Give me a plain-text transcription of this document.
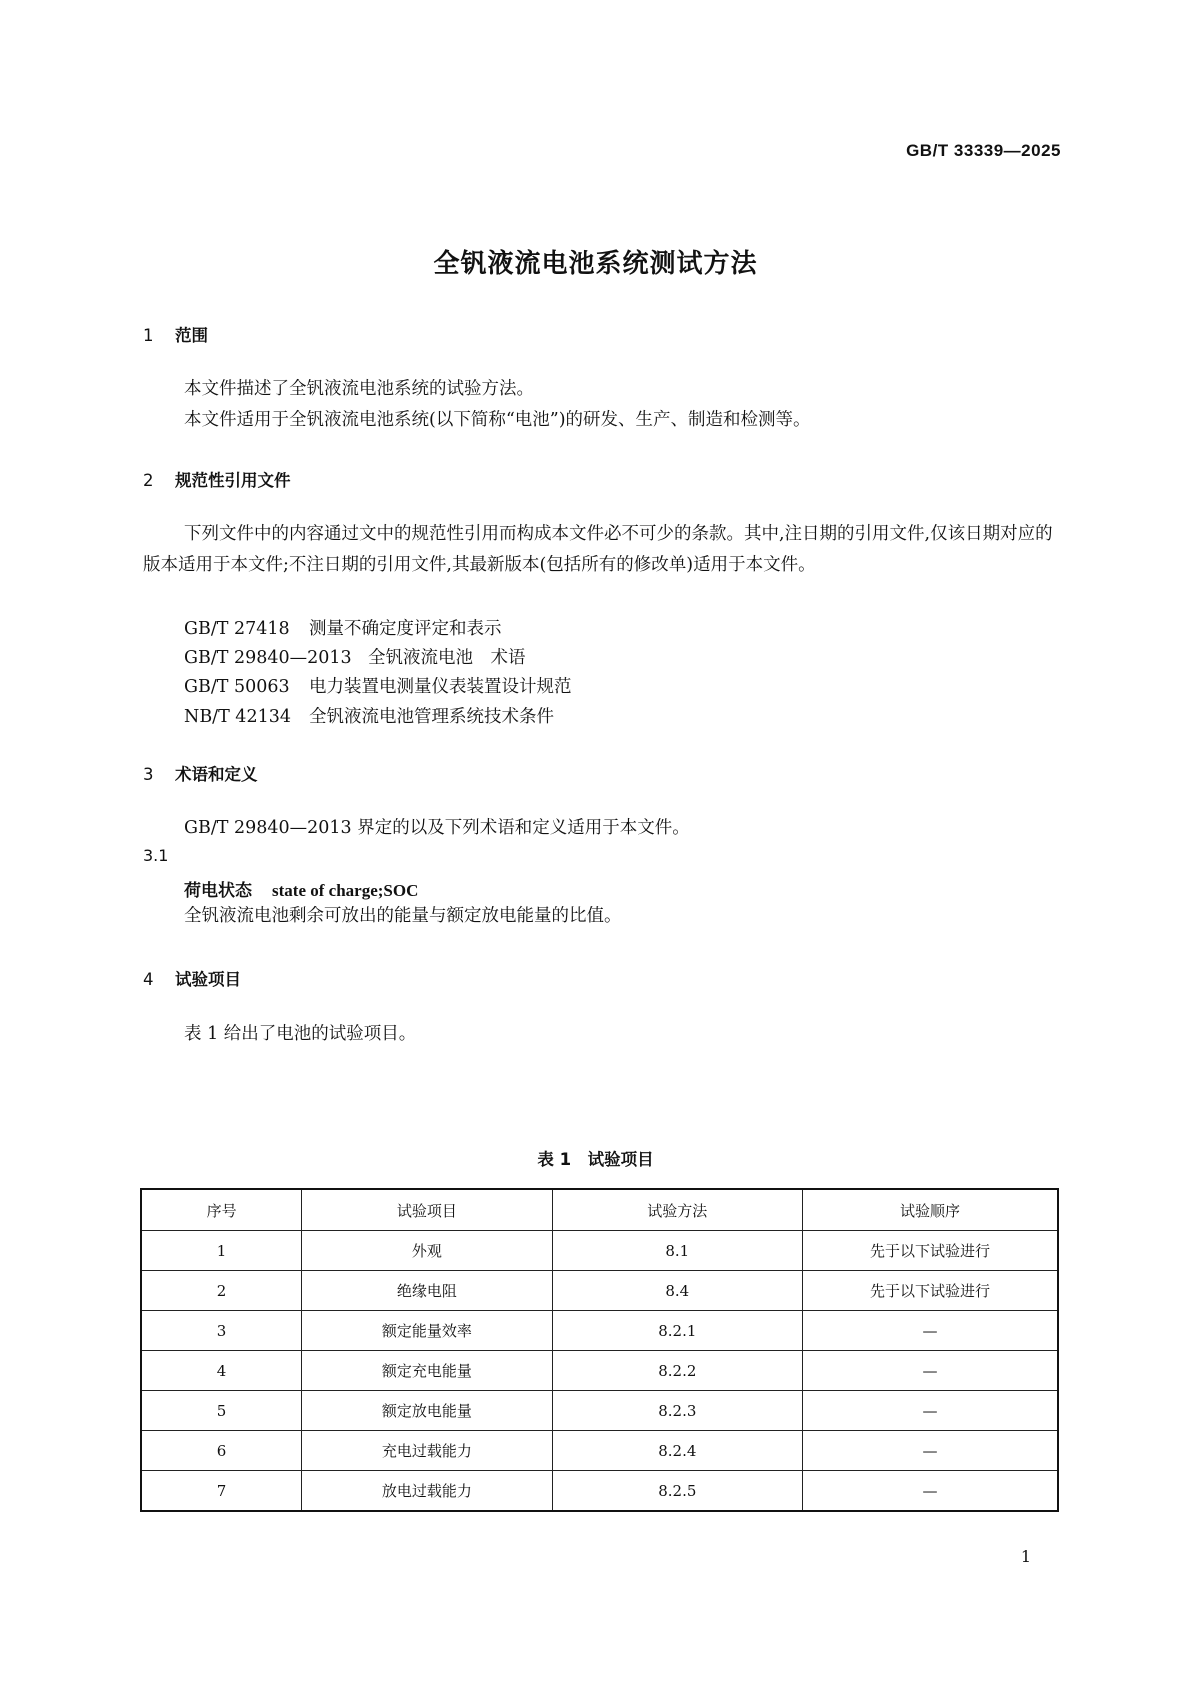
GB/T 33339—2025
全钒液流电池系统测试方法
1 范围
本文件描述了全钒液流电池系统的试验方法。
本文件适用于全钒液流电池系统(以下简称“电池”)的研发、生产、制造和检测等。
2 规范性引用文件
下列文件中的内容通过文中的规范性引用而构成本文件必不可少的条款。其中,注日期的引用文件,仅该日期对应的版本适用于本文件;不注日期的引用文件,其最新版本(包括所有的修改单)适用于本文件。
GB/T 27418 测量不确定度评定和表示
GB/T 29840—2013 全钒液流电池　术语
GB/T 50063 电力装置电测量仪表装置设计规范
NB/T 42134 全钒液流电池管理系统技术条件
3 术语和定义
GB/T 29840—2013 界定的以及下列术语和定义适用于本文件。
3.1
荷电状态 state of charge;SOC
全钒液流电池剩余可放出的能量与额定放电能量的比值。
4 试验项目
表 1 给出了电池的试验项目。
表 1　试验项目
序号	试验项目	试验方法	试验顺序
1	外观	8.1	先于以下试验进行
2	绝缘电阻	8.4	先于以下试验进行
3	额定能量效率	8.2.1	—
4	额定充电能量	8.2.2	—
5	额定放电能量	8.2.3	—
6	充电过载能力	8.2.4	—
7	放电过载能力	8.2.5	—
1
